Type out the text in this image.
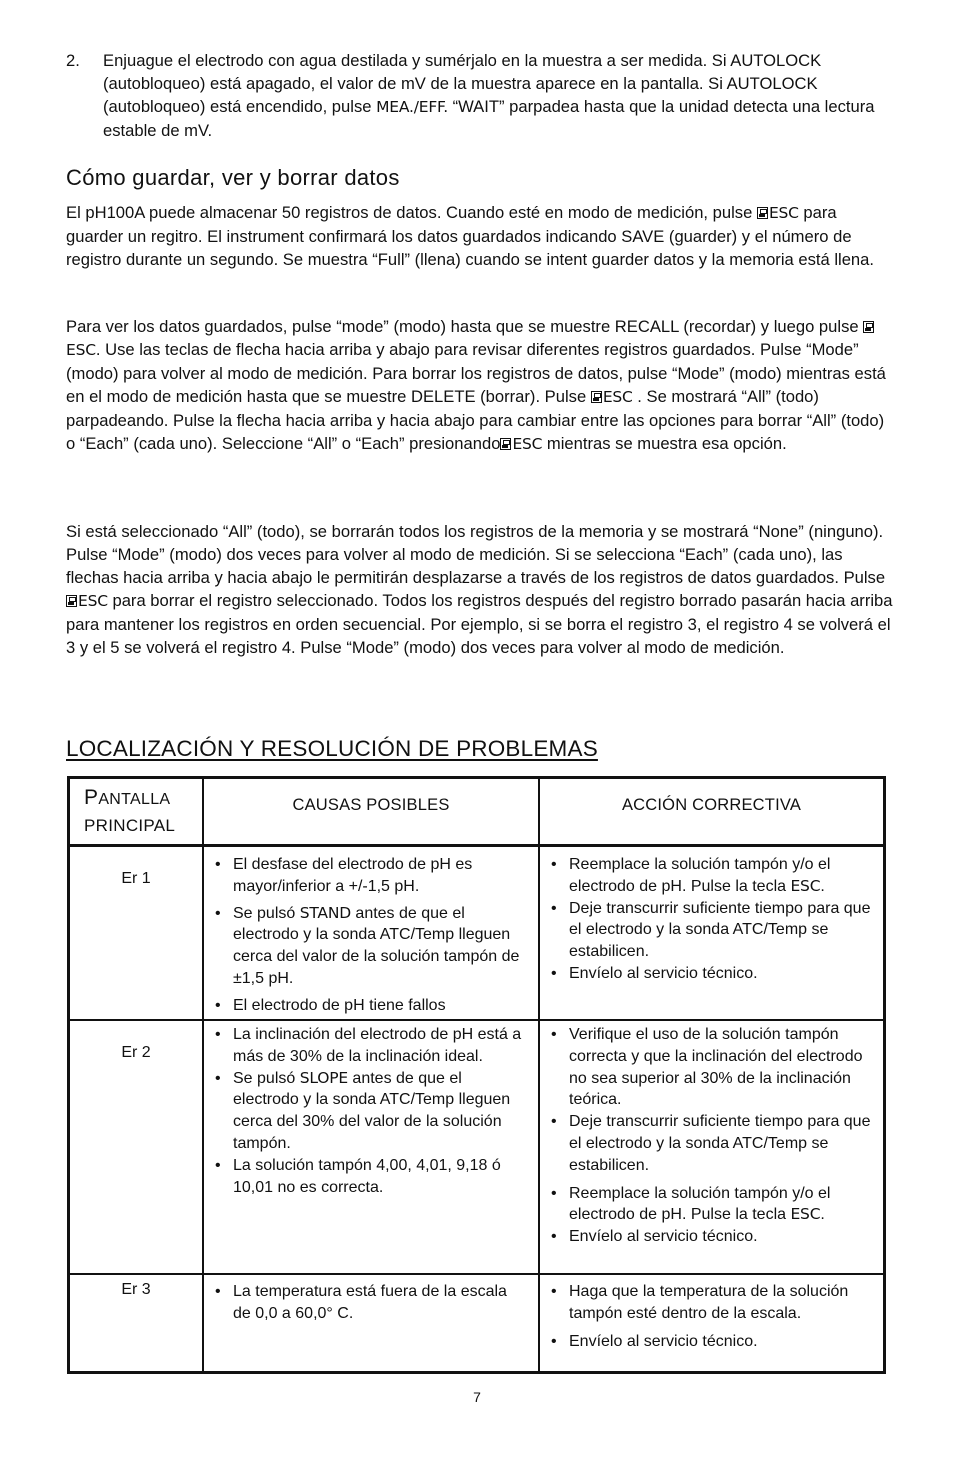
2. Enjuague el electrodo con agua destilada y sumérjalo en la muestra a ser medida. Si AUTOLOCK (autobloqueo) está apagado, el valor de mV de la muestra aparece en la pantalla. Si AUTOLOCK (autobloqueo) está encendido, pulse MEA./EFF. “WAIT” parpadea hasta que la unidad detecta una lectura estable de mV.
Cómo guardar, ver y borrar datos

El pH100A puede almacenar 50 registros de datos. Cuando esté en modo de medición, pulse ESC para guarder un regitro. El instrument confirmará los datos guardados indicando SAVE (guarder) y el número de registro durante un segundo. Se muestra “Full” (llena) cuando se intent guarder datos y la memoria está llena.

Para ver los datos guardados, pulse “mode” (modo) hasta que se muestre RECALL (recordar) y luego pulse ESC. Use las teclas de flecha hacia arriba y abajo para revisar diferentes registros guardados. Pulse “Mode” (modo) para volver al modo de medición. Para borrar los registros de datos, pulse “Mode” (modo) mientras está en el modo de medición hasta que se muestre DELETE (borrar). Pulse ESC . Se mostrará “All” (todo) parpadeando. Pulse la flecha hacia arriba y hacia abajo para cambiar entre las opciones para borrar “All” (todo) o “Each” (cada uno). Seleccione “All” o “Each” presionando ESC mientras se muestra esa opción.

Si está seleccionado “All” (todo), se borrarán todos los registros de la memoria y se mostrará “None” (ninguno). Pulse “Mode” (modo) dos veces para volver al modo de medición. Si se selecciona “Each” (cada uno), las flechas hacia arriba y hacia abajo le permitirán desplazarse a través de los registros de datos guardados. PulseESC para borrar el registro seleccionado. Todos los registros después del registro borrado pasarán hacia arriba para mantener los registros en orden secuencial. Por ejemplo, si se borra el registro 3, el registro 4 se volverá el 3 y el 5 se volverá el registro 4. Pulse “Mode” (modo) dos veces para volver al modo de medición.

LOCALIZACIÓN Y RESOLUCIÓN DE PROBLEMAS
PANTALLA
PRINCIPAL
CAUSAS POSIBLES	ACCIÓN CORRECTIVA
Er 1
• El desfase del electrodo de pH es mayor/inferior a +/-1,5 pH.
• Se pulsó STAND antes de que el electrodo y la sonda ATC/Temp lleguen cerca del valor de la solución tampón de ±1,5 pH.
• El electrodo de pH tiene fallos
• Reemplace la solución tampón y/o el electrodo de pH. Pulse la tecla ESC.
• Deje transcurrir suficiente tiempo para que el electrodo y la sonda ATC/Temp se estabilicen.
• Envíelo al servicio técnico.
Er 2
• La inclinación del electrodo de pH está a más de 30% de la inclinación ideal.
• Se pulsó SLOPE antes de que el electrodo y la sonda ATC/Temp lleguen cerca del 30% del valor de la solución tampón.
• La solución tampón 4,00, 4,01, 9,18 ó 10,01 no es correcta.
• Verifique el uso de la solución tampón correcta y que la inclinación del electrodo no sea superior al 30% de la inclinación teórica.
• Deje transcurrir suficiente tiempo para que el electrodo y la sonda ATC/Temp se estabilicen.
• Reemplace la solución tampón y/o el electrodo de pH. Pulse la tecla ESC.
• Envíelo al servicio técnico.
Er 3
•	La temperatura está fuera de la escala de 0,0 a 60,0° C.
• Haga que la temperatura de la solución tampón esté dentro de la escala.
• Envíelo al servicio técnico.
7
